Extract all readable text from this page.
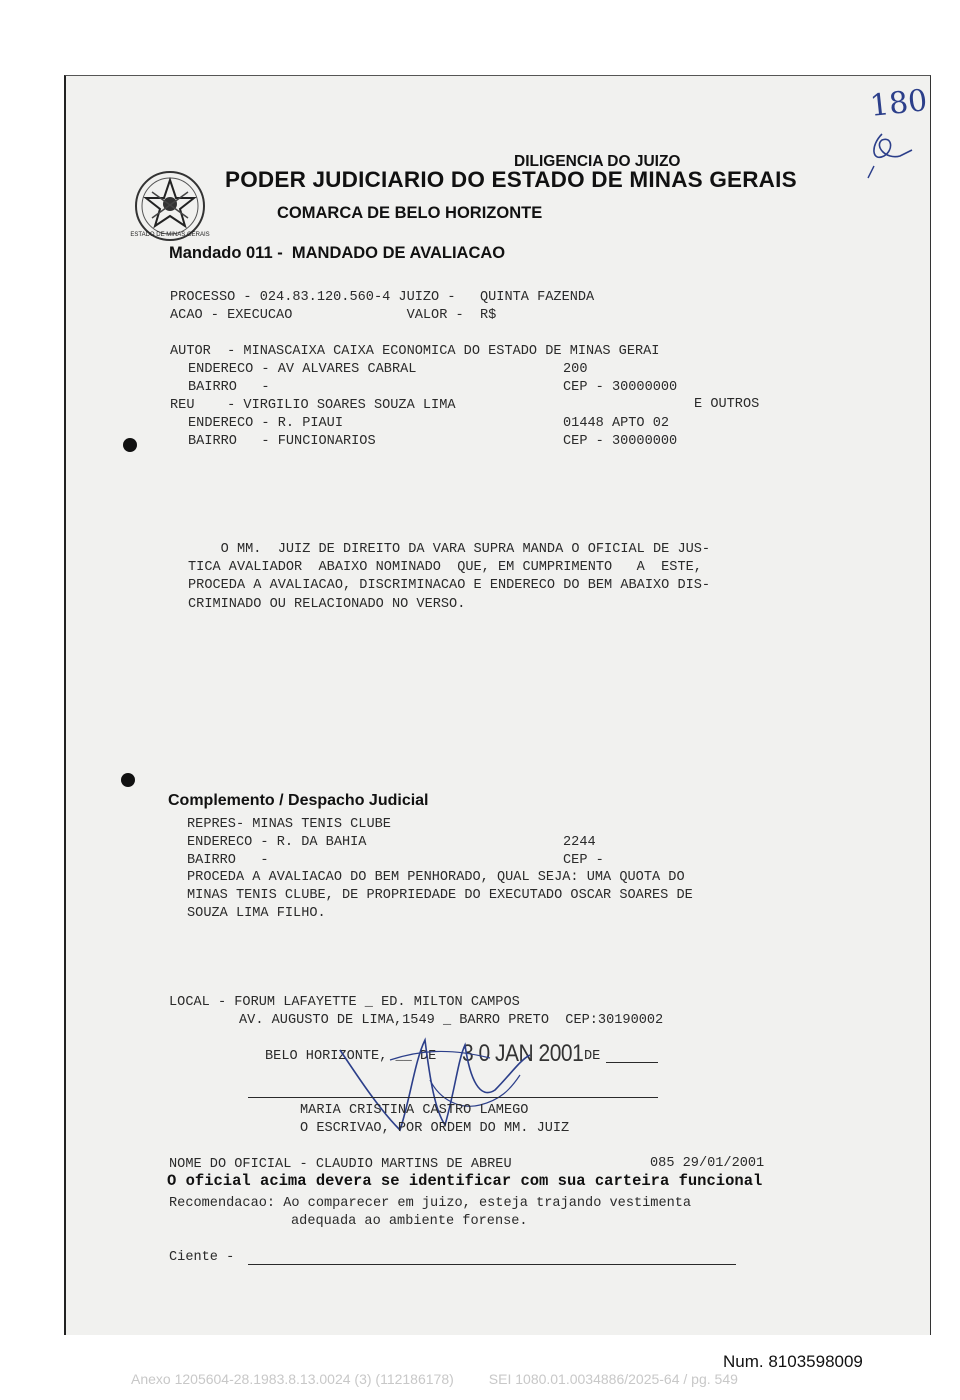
ESTADO DE MINAS GERAIS
DILIGENCIA DO JUIZO
PODER JUDICIARIO DO ESTADO DE MINAS GERAIS
COMARCA DE BELO HORIZONTE
Mandado 011 -  MANDADO DE AVALIACAO
180
PROCESSO - 024.83.120.560-4 JUIZO -   QUINTA FAZENDA
ACAO - EXECUCAO              VALOR -  R$
AUTOR  - MINASCAIXA CAIXA ECONOMICA DO ESTADO DE MINAS GERAI
ENDERECO - AV ALVARES CABRAL	200
BAIRRO   -	CEP - 30000000
REU    - VIRGILIO SOARES SOUZA LIMA	E OUTROS
ENDERECO - R. PIAUI	01448 APTO 02
BAIRRO   - FUNCIONARIOS	CEP - 30000000
O MM.  JUIZ DE DIREITO DA VARA SUPRA MANDA O OFICIAL DE JUS-
TICA AVALIADOR  ABAIXO NOMINADO  QUE, EM CUMPRIMENTO   A  ESTE,
PROCEDA A AVALIACAO, DISCRIMINACAO E ENDERECO DO BEM ABAIXO DIS-
CRIMINADO OU RELACIONADO NO VERSO.
Complemento / Despacho Judicial
REPRES- MINAS TENIS CLUBE
ENDERECO - R. DA BAHIA	2244
BAIRRO   -	CEP -
PROCEDA A AVALIACAO DO BEM PENHORADO, QUAL SEJA: UMA QUOTA DO
MINAS TENIS CLUBE, DE PROPRIEDADE DO EXECUTADO OSCAR SOARES DE
SOUZA LIMA FILHO.
LOCAL - FORUM LAFAYETTE _ ED. MILTON CAMPOS
AV. AUGUSTO DE LIMA,1549 _ BARRO PRETO  CEP:30190002
BELO HORIZONTE, __ DE 3 0 JAN 2001 DE
MARIA CRISTINA CASTRO LAMEGO
O ESCRIVAO, POR ORDEM DO MM. JUIZ
NOME DO OFICIAL - CLAUDIO MARTINS DE ABREU	085 29/01/2001
O oficial acima devera se identificar com sua carteira funcional
Recomendacao: Ao comparecer em juizo, esteja trajando vestimenta
adequada ao ambiente forense.
Ciente -
Num. 8103598009
Anexo 1205604-28.1983.8.13.0024 (3) (112186178)         SEI 1080.01.0034886/2025-64 / pg. 549
